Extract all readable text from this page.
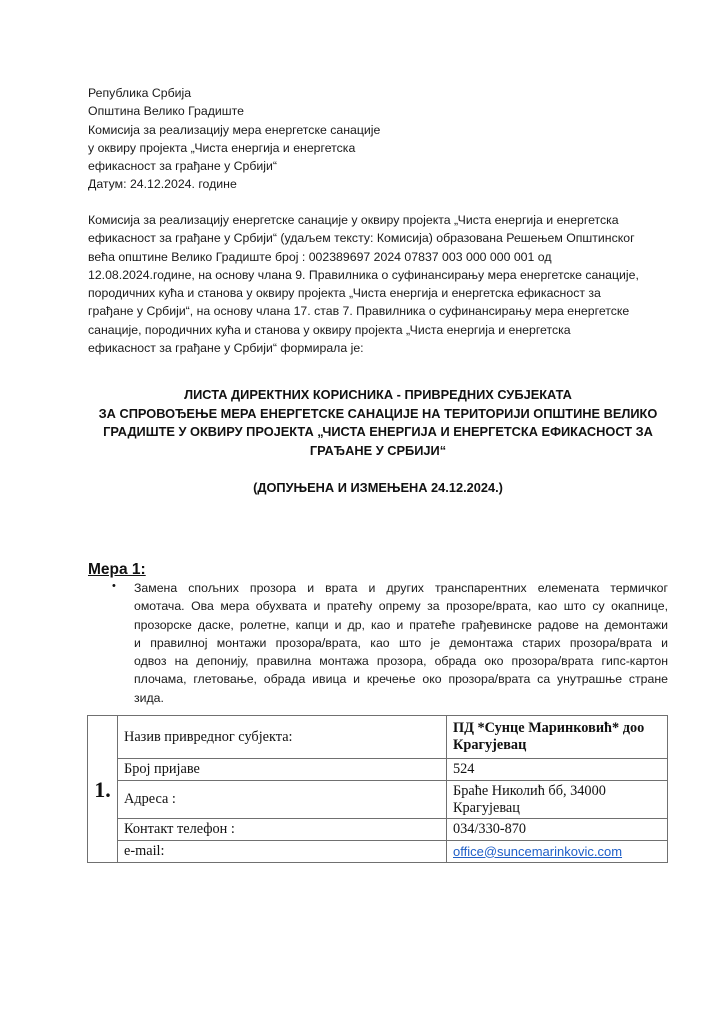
Република Србија
Општина Велико Градиште
Комисија за реализацију мера енергетске санације
у оквиру пројекта „Чиста енергија и енергетска
ефикасност за грађане у Србији“
Датум: 24.12.2024. године
Комисија за реализацију енергетске санације у оквиру пројекта „Чиста енергија и енергетска
ефикасност за грађане у Србији“ (удаљем тексту: Комисија) образована Решењем Општинског
већа општине Велико Градиште број : 002389697 2024 07837 003 000 000 001 од
12.08.2024.године, на основу члана 9. Правилника о суфинансирању мера енергетске санације,
породичних кућа и станова у оквиру пројекта „Чиста енергија и енергетска ефикасност за
грађане у Србији“, на основу члана 17. став 7. Правилника о суфинансирању мера енергетске
санације, породичних кућа и станова у оквиру пројекта „Чиста енергија и енергетска
ефикасност за грађане у Србији“ формирала је:
ЛИСТА ДИРЕКТНИХ КОРИСНИКА - ПРИВРЕДНИХ СУБЈЕКАТА
ЗА СПРОВОЂЕЊЕ МЕРА ЕНЕРГЕТСКЕ САНАЦИЈЕ НА ТЕРИТОРИЈИ ОПШТИНЕ ВЕЛИКО
ГРАДИШТЕ У ОКВИРУ ПРОЈЕКТА „ЧИСТА ЕНЕРГИЈА И ЕНЕРГЕТСКА ЕФИКАСНОСТ ЗА
ГРАЂАНЕ У СРБИЈИ“
(ДОПУЊЕНА И ИЗМЕЊЕНА 24.12.2024.)
Мера 1:
• Замена спољних прозора и врата и других транспарентних елемената термичког
омотача. Ова мера обухвата и пратећу опрему за прозоре/врата, као што су окапнице,
прозорске даске, ролетне, капци и др, као и пратеће грађевинске радове на демонтажи
и правилној монтажи прозора/врата, као што је демонтажа старих прозора/врата и
одвоз на депонију, правилна монтажа прозора, обрада око прозора/врата гипс-картон
плочама, глетовање, обрада ивица и кречење око прозора/врата са унутрашње стране
зида.
1.	Назив привредног субјекта:	ПД *Сунце Маринковић* доо
Крагујевац

	Број пријаве	524
	Адреса :	Браће Николић бб, 34000
Крагујевац

	Контакт телефон :	034/330-870
	e-mail:	office@suncemarinkovic.com
